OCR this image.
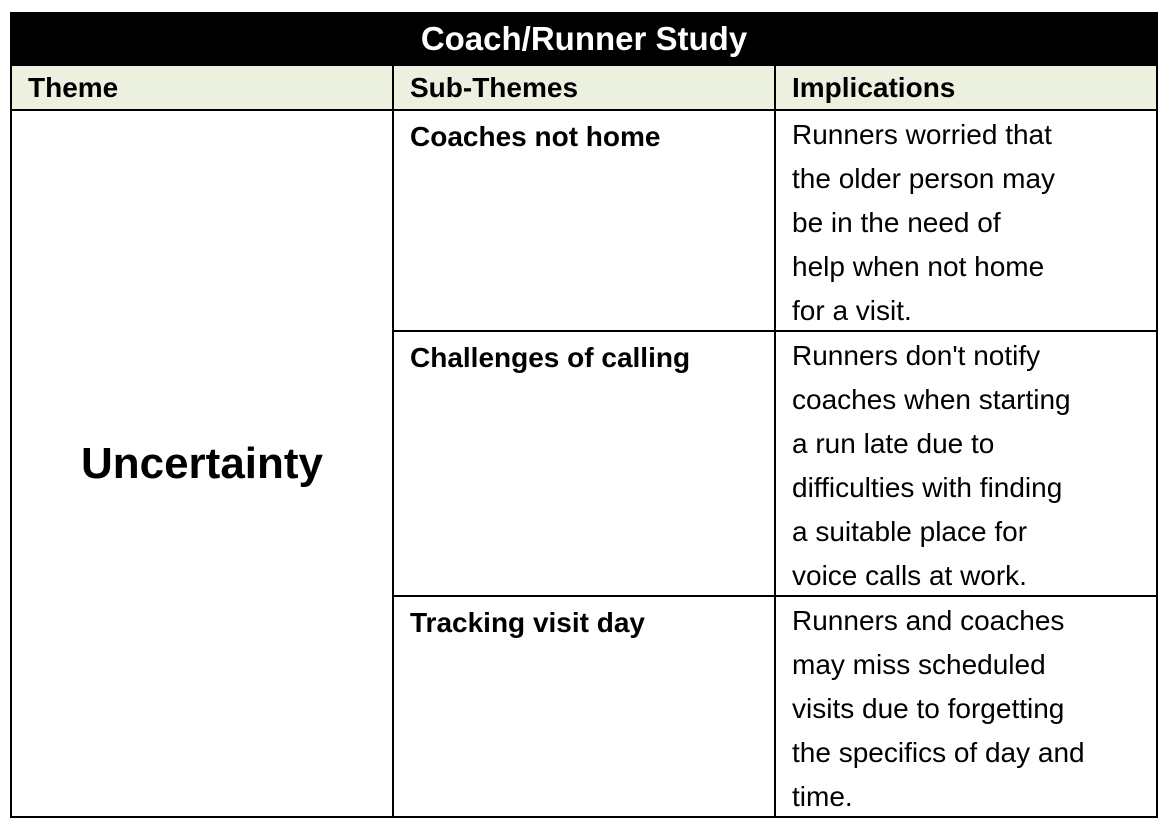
Coach/Runner Study
Theme	Sub-Themes	Implications
Uncertainty
Coaches not home	Runners worried that
the older person may
be in the need of
help when not home
for a visit.
Challenges of calling	Runners don't notify
coaches when starting
a run late due to
difficulties with finding
a suitable place for
voice calls at work.
Tracking visit day	Runners and coaches
may miss scheduled
visits due to forgetting
the specifics of day and
time.
